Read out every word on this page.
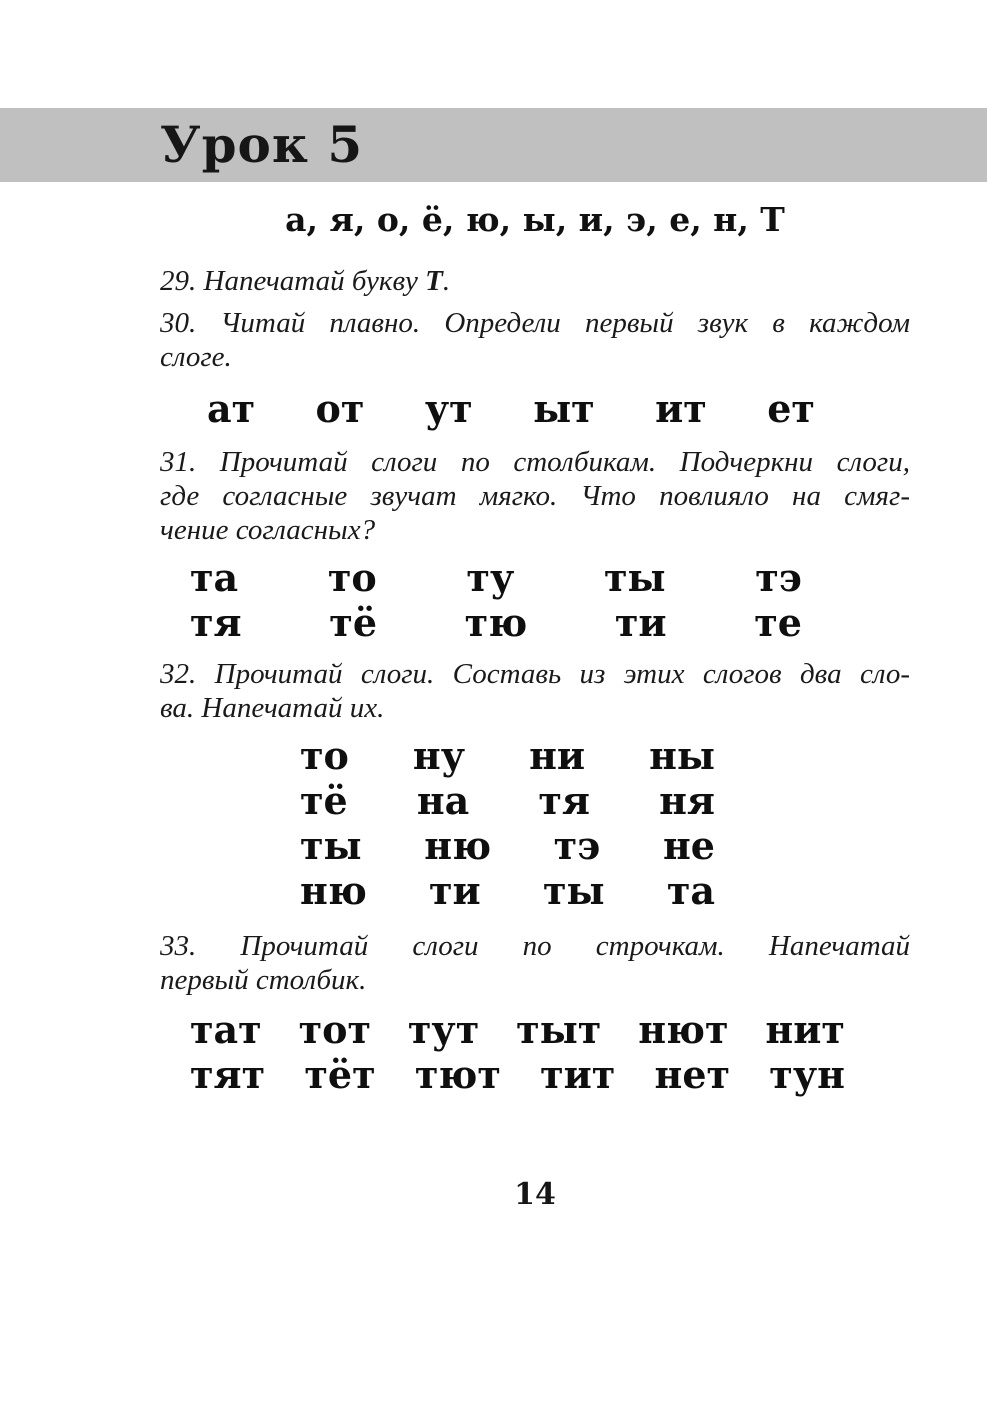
Урок 5
а, я, о, ё, ю, ы, и, э, е, н, Т
29. Напечатай букву Т.
30. Читай плавно. Определи первый звук в каждом
слоге.
ат от ут ыт ит ет
31. Прочитай слоги по столбикам. Подчеркни слоги,
где согласные звучат мягко. Что повлияло на смяг-
чение согласных?
та то ту ты тэ
тя тё тю ти те
32. Прочитай слоги. Составь из этих слогов два сло-
ва. Напечатай их.
то ну ни ны
тё на тя ня
ты ню тэ не
ню ти ты та
33. Прочитай слоги по строчкам. Напечатай
первый столбик.
тат тот тут тыт нют нит
тят тёт тют тит нет тун
14
